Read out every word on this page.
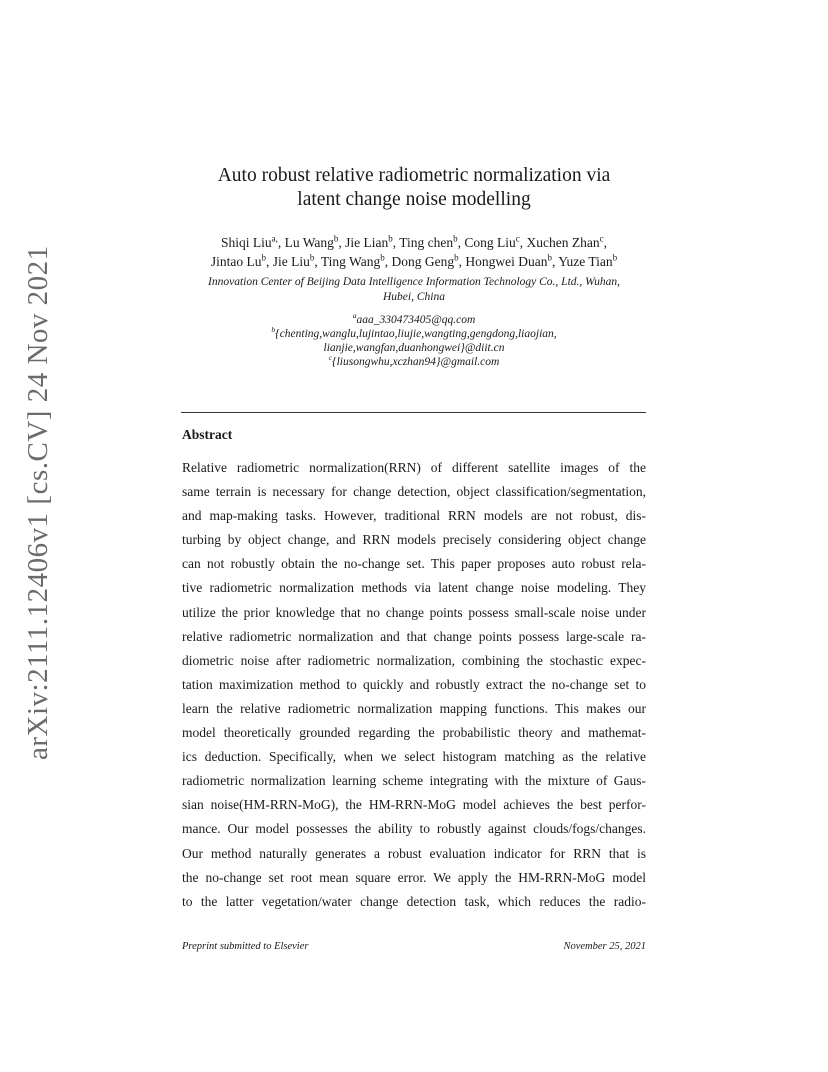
arXiv:2111.12406v1 [cs.CV] 24 Nov 2021
Auto robust relative radiometric normalization via
latent change noise modelling
Shiqi Liu$^{a,}$, Lu Wang$^b$, Jie Lian$^b$, Ting chen$^b$, Cong Liu$^c$, Xuchen Zhan$^c$,
Jintao Lu$^b$, Jie Liu$^b$, Ting Wang$^b$, Dong Geng$^b$, Hongwei Duan$^b$, Yuze Tian$^b$
Innovation Center of Beijing Data Intelligence Information Technology Co., Ltd., Wuhan,
Hubei, China
$^a$aaa_330473405@qq.com
$^b${chenting,wanglu,lujintao,liujie,wangting,gengdong,liaojian,
lianjie,wangfan,duanhongwei}@diit.cn
$^c${liusongwhu,xczhan94}@gmail.com
Abstract
Relative radiometric normalization(RRN) of different satellite images of the
same terrain is necessary for change detection, object classification/segmentation,
and map-making tasks. However, traditional RRN models are not robust, dis-
turbing by object change, and RRN models precisely considering object change
can not robustly obtain the no-change set. This paper proposes auto robust rela-
tive radiometric normalization methods via latent change noise modeling. They
utilize the prior knowledge that no change points possess small-scale noise under
relative radiometric normalization and that change points possess large-scale ra-
diometric noise after radiometric normalization, combining the stochastic expec-
tation maximization method to quickly and robustly extract the no-change set to
learn the relative radiometric normalization mapping functions. This makes our
model theoretically grounded regarding the probabilistic theory and mathemat-
ics deduction. Specifically, when we select histogram matching as the relative
radiometric normalization learning scheme integrating with the mixture of Gaus-
sian noise(HM-RRN-MoG), the HM-RRN-MoG model achieves the best perfor-
mance. Our model possesses the ability to robustly against clouds/fogs/changes.
Our method naturally generates a robust evaluation indicator for RRN that is
the no-change set root mean square error. We apply the HM-RRN-MoG model
to the latter vegetation/water change detection task, which reduces the radio-
Preprint submitted to Elsevier	November 25, 2021
